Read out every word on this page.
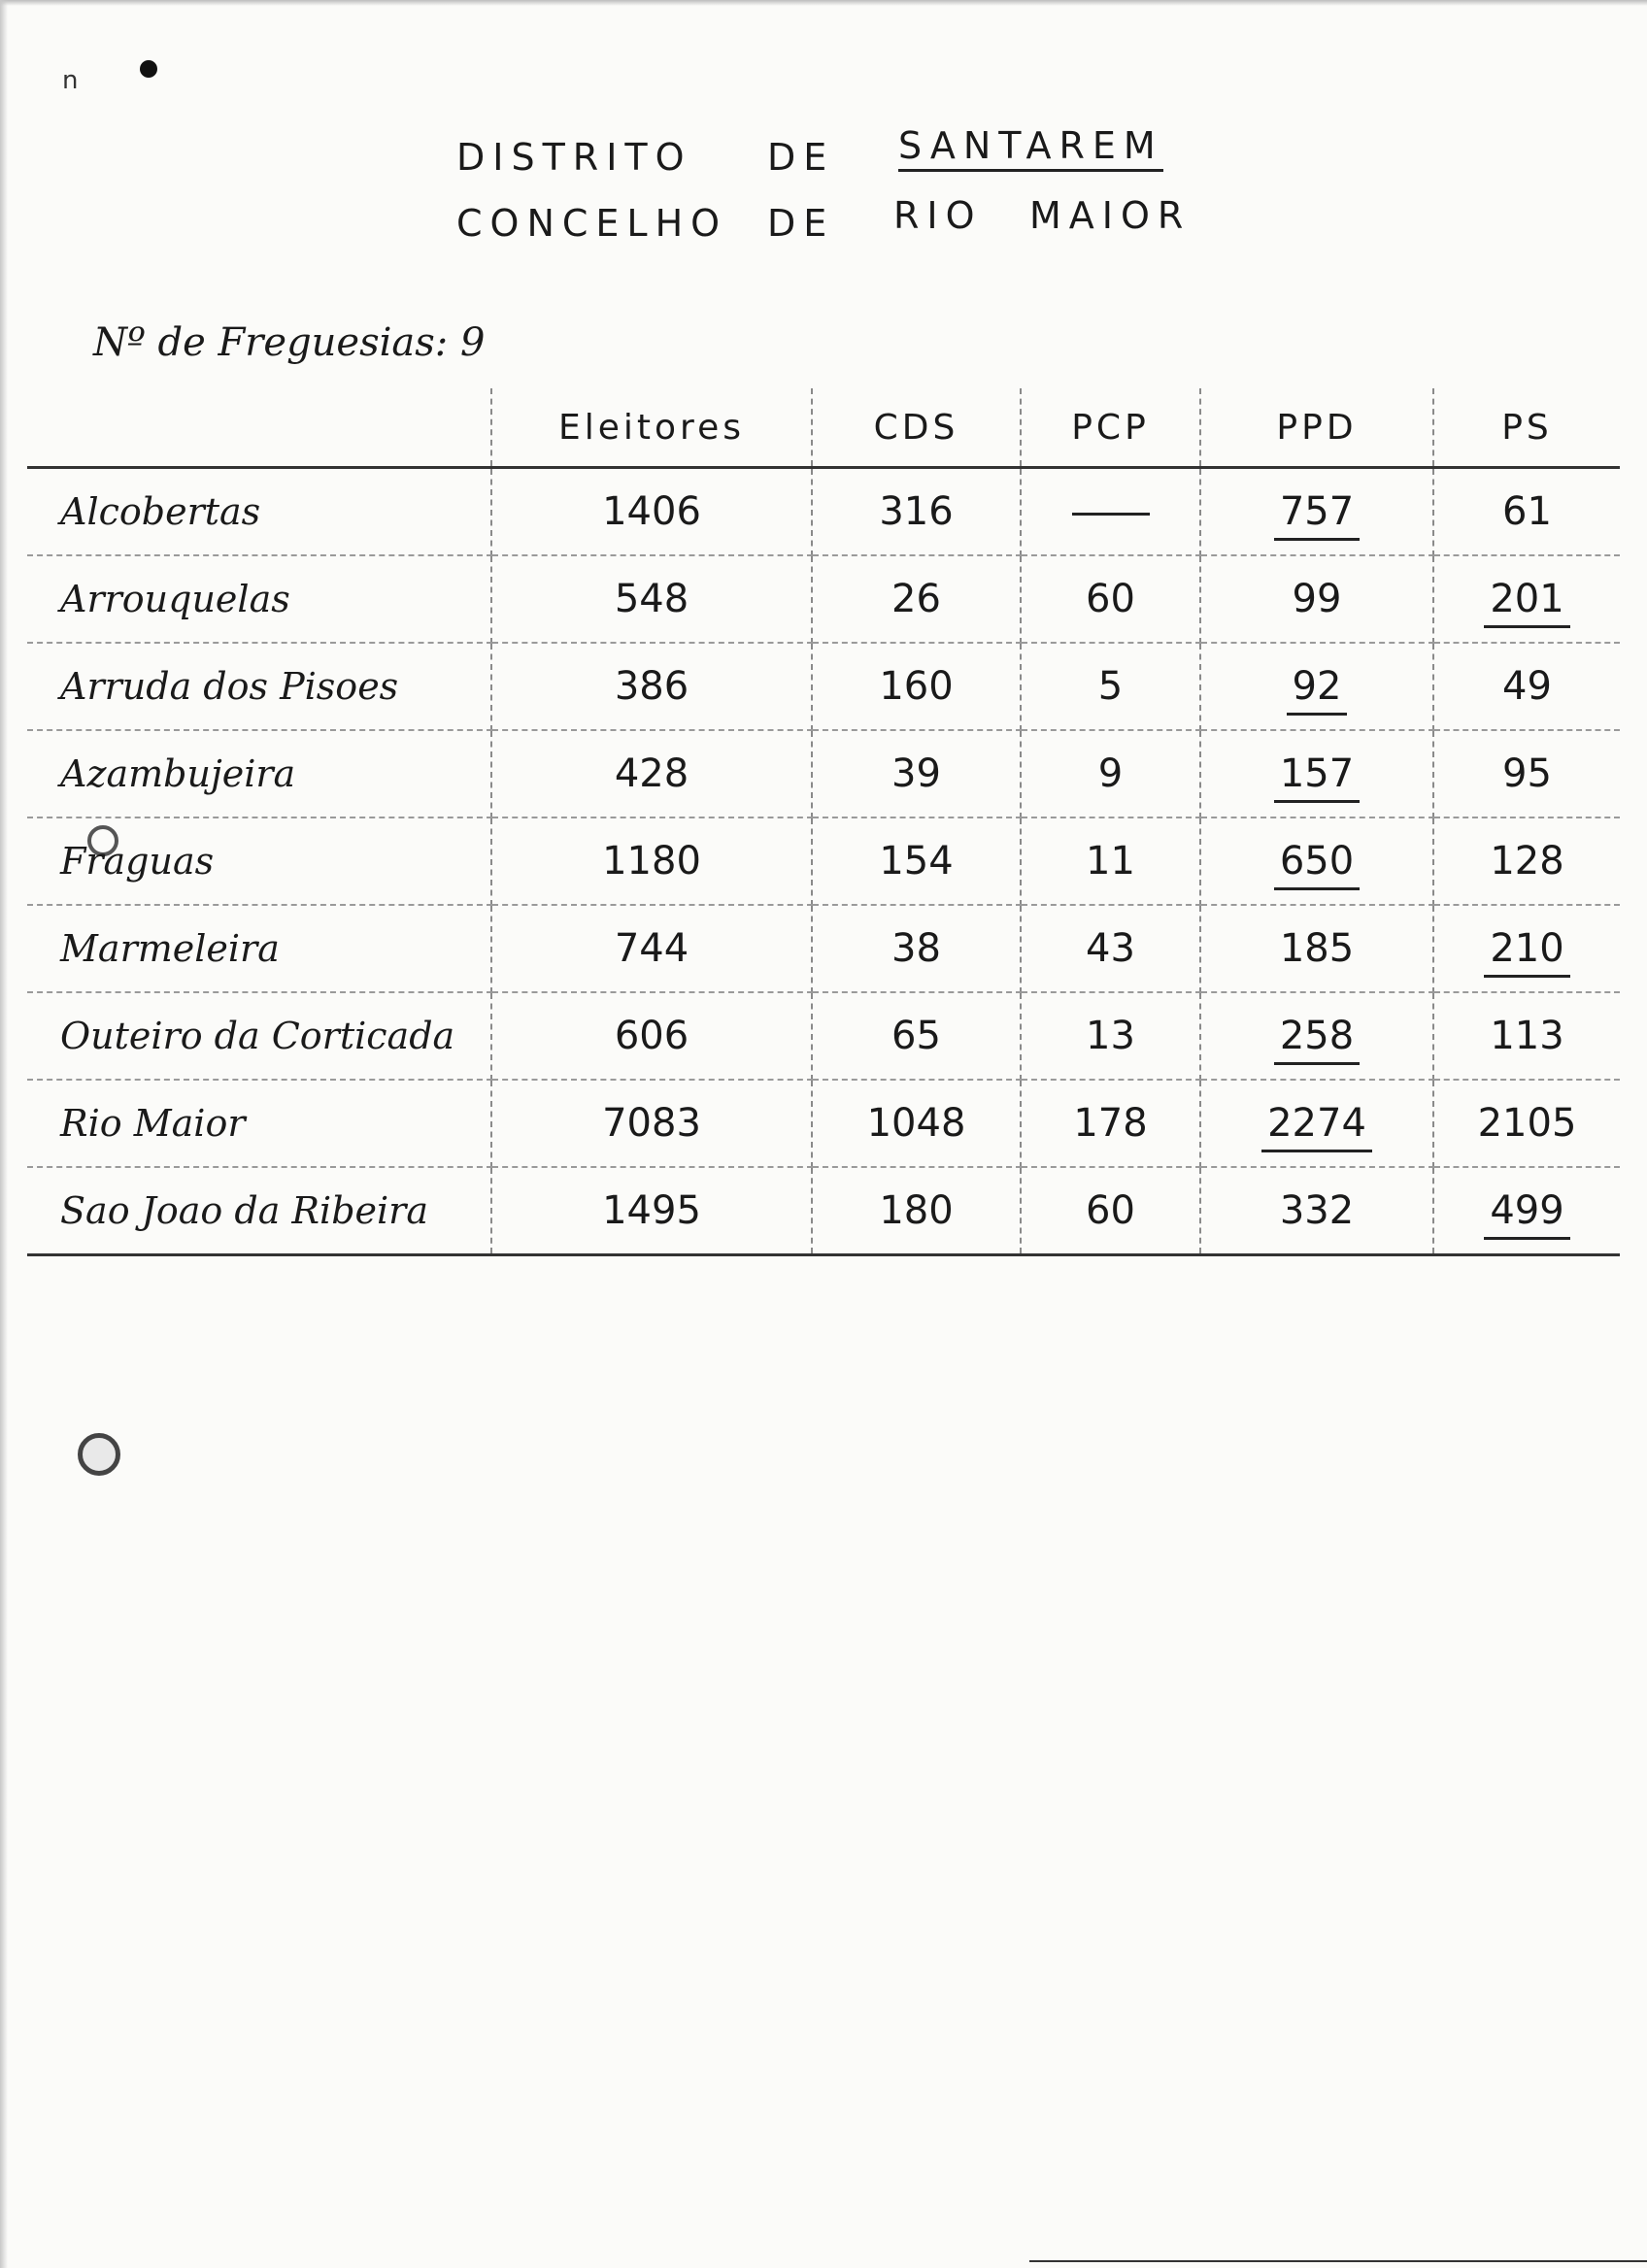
n
DISTRITO DE SANTAREM
CONCELHO DE RIO MAIOR
Nº de Freguesias: 9
	Eleitores	CDS	PCP	PPD	PS
Alcobertas	1406	316		757	61
Arrouquelas	548	26	60	99	201
Arruda dos Pisoes	386	160	5	92	49
Azambujeira	428	39	9	157	95
Fraguas	1180	154	11	650	128
Marmeleira	744	38	43	185	210
Outeiro da Corticada	606	65	13	258	113
Rio Maior	7083	1048	178	2274	2105
Sao Joao da Ribeira	1495	180	60	332	499
